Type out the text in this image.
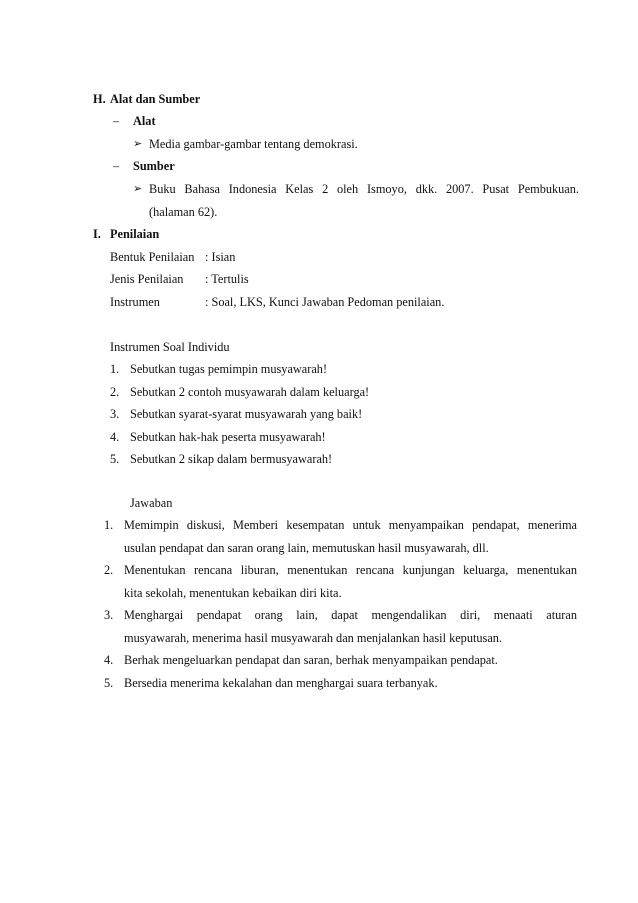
H. Alat dan Sumber
– Alat
➢ Media gambar-gambar tentang demokrasi.
– Sumber
➢ Buku Bahasa Indonesia Kelas 2 oleh Ismoyo, dkk. 2007. Pusat Pembukuan.
(halaman 62).
I. Penilaian
Bentuk Penilaian : Isian
Jenis Penilaian : Tertulis
Instrumen	: Soal, LKS, Kunci Jawaban Pedoman penilaian.
Instrumen Soal Individu
1. Sebutkan tugas pemimpin musyawarah!
2. Sebutkan 2 contoh musyawarah dalam keluarga!
3. Sebutkan syarat-syarat musyawarah yang baik!
4. Sebutkan hak-hak peserta musyawarah!
5. Sebutkan 2 sikap dalam bermusyawarah!
Jawaban
1. Memimpin diskusi, Memberi kesempatan untuk menyampaikan pendapat, menerima
usulan pendapat dan saran orang lain, memutuskan hasil musyawarah, dll.
2. Menentukan rencana liburan, menentukan rencana kunjungan keluarga, menentukan
kita sekolah, menentukan kebaikan diri kita.
3. Menghargai pendapat orang lain, dapat mengendalikan diri, menaati aturan
musyawarah, menerima hasil musyawarah dan menjalankan hasil keputusan.
4. Berhak mengeluarkan pendapat dan saran, berhak menyampaikan pendapat.
5. Bersedia menerima kekalahan dan menghargai suara terbanyak.
